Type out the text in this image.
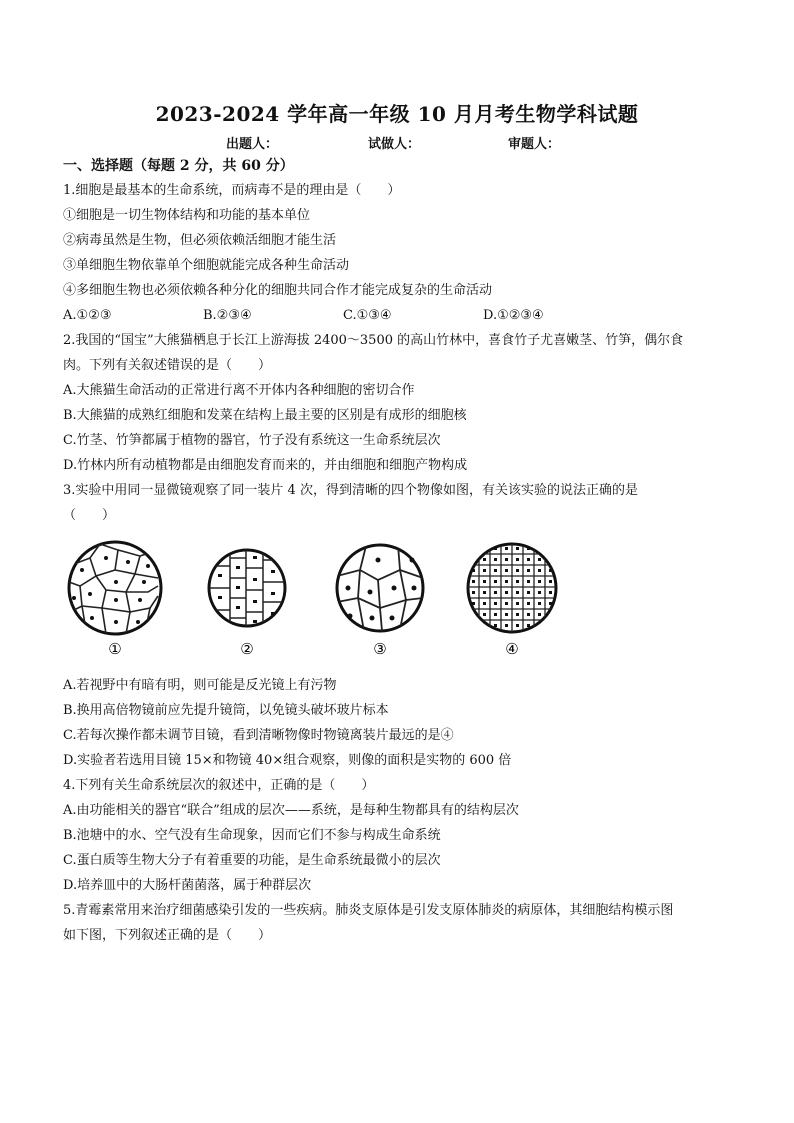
2023-2024 学年高一年级 10 月月考生物学科试题
出题人：	试做人：	审题人：
一、选择题（每题 2 分，共 60 分）
1.细胞是最基本的生命系统，而病毒不是的理由是（　　）
①细胞是一切生物体结构和功能的基本单位
②病毒虽然是生物，但必须依赖活细胞才能生活
③单细胞生物依靠单个细胞就能完成各种生命活动
④多细胞生物也必须依赖各种分化的细胞共同合作才能完成复杂的生命活动
A.①②③	B.②③④	C.①③④	D.①②③④
2.我国的“国宝”大熊猫栖息于长江上游海拔 2400～3500 的高山竹林中，喜食竹子尤喜嫩茎、竹笋，偶尔食
肉。下列有关叙述错误的是（　　）
A.大熊猫生命活动的正常进行离不开体内各种细胞的密切合作
B.大熊猫的成熟红细胞和发菜在结构上最主要的区别是有成形的细胞核
C.竹茎、竹笋都属于植物的器官，竹子没有系统这一生命系统层次
D.竹林内所有动植物都是由细胞发育而来的，并由细胞和细胞产物构成
3.实验中用同一显微镜观察了同一装片 4 次，得到清晰的四个物像如图，有关该实验的说法正确的是
（　　）
①	②	③	④
A.若视野中有暗有明，则可能是反光镜上有污物
B.换用高倍物镜前应先提升镜筒，以免镜头破坏玻片标本
C.若每次操作都未调节目镜，看到清晰物像时物镜离装片最远的是④
D.实验者若选用目镜 15×和物镜 40×组合观察，则像的面积是实物的 600 倍
4.下列有关生命系统层次的叙述中，正确的是（　　）
A.由功能相关的器官“联合”组成的层次——系统，是每种生物都具有的结构层次
B.池塘中的水、空气没有生命现象，因而它们不参与构成生命系统
C.蛋白质等生物大分子有着重要的功能，是生命系统最微小的层次
D.培养皿中的大肠杆菌菌落，属于种群层次
5.青霉素常用来治疗细菌感染引发的一些疾病。肺炎支原体是引发支原体肺炎的病原体，其细胞结构模示图
如下图，下列叙述正确的是（　　）
